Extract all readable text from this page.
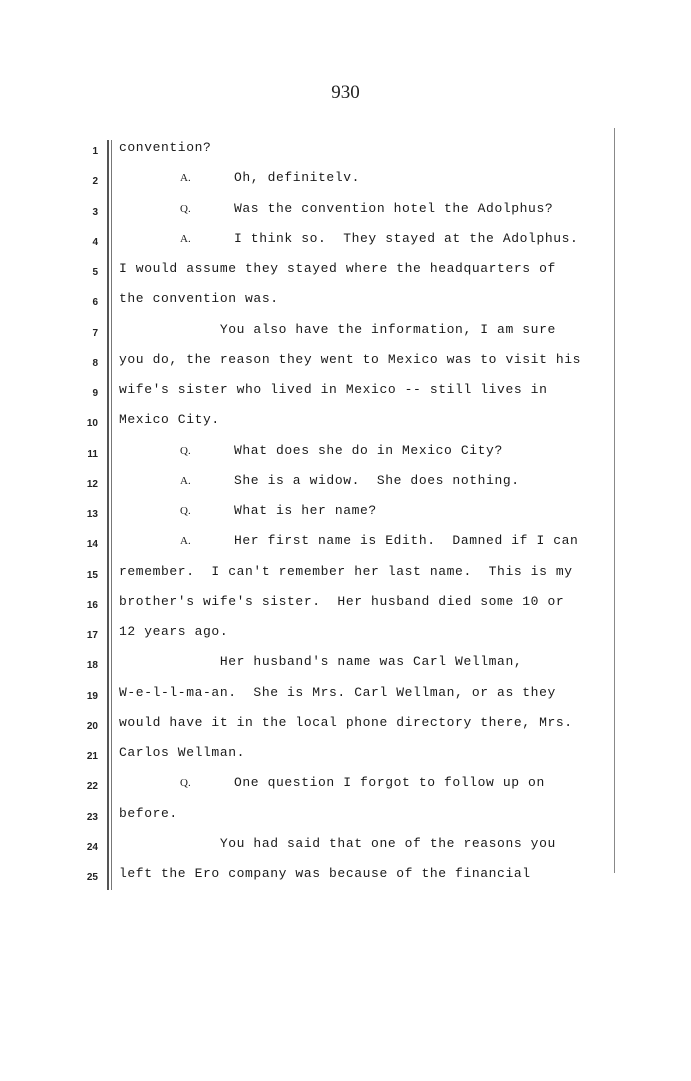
930
1 convention?
2	A.	Oh, definitelv.
3	Q.	Was the convention hotel the Adolphus?
4	A.	I think so.  They stayed at the Adolphus.
5 I would assume they stayed where the headquarters of
6 the convention was.
7 You also have the information, I am sure
8 you do, the reason they went to Mexico was to visit his
9 wife's sister who lived in Mexico -- still lives in
10 Mexico City.
11	Q.	What does she do in Mexico City?
12	A.	She is a widow.  She does nothing.
13	Q.	What is her name?
14	A.	Her first name is Edith.  Damned if I can
15 remember.  I can't remember her last name.  This is my
16 brother's wife's sister.  Her husband died some 10 or
17 12 years ago.
18 Her husband's name was Carl Wellman,
19 W-e-l-l-ma-an.  She is Mrs. Carl Wellman, or as they
20 would have it in the local phone directory there, Mrs.
21 Carlos Wellman.
22	Q.	One question I forgot to follow up on
23 before.
24 You had said that one of the reasons you
25 left the Ero company was because of the financial
